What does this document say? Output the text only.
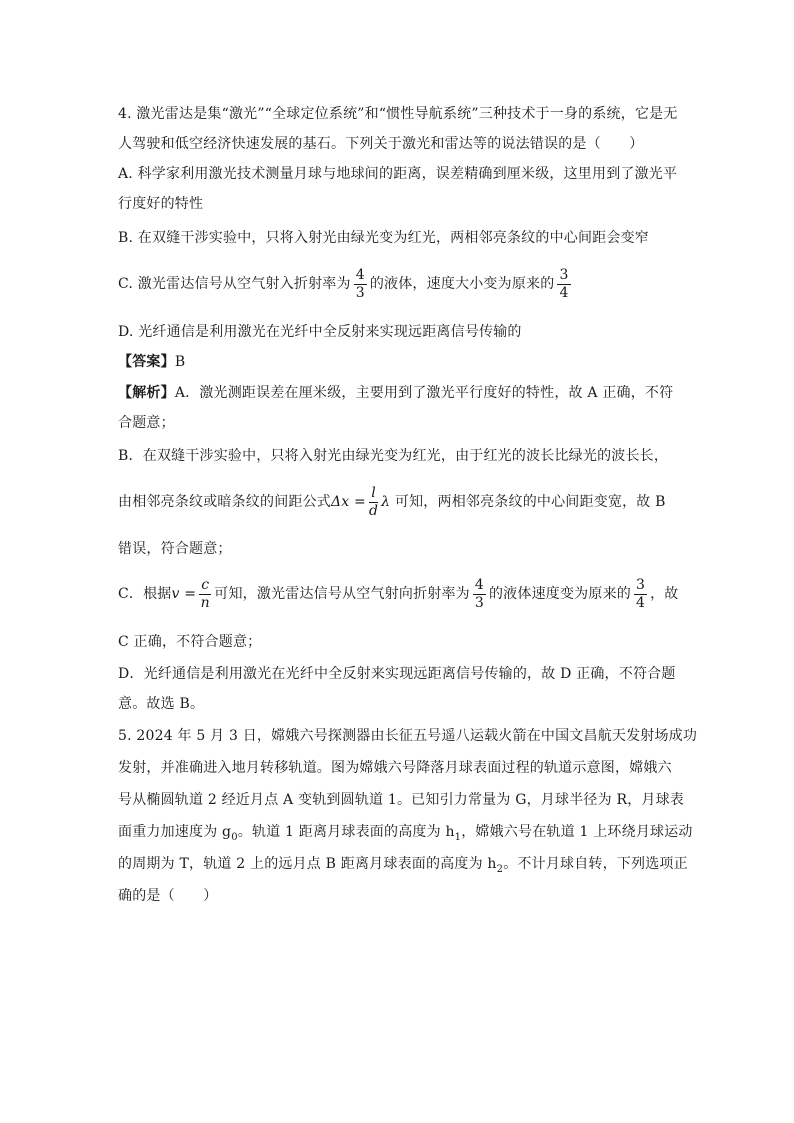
4. 激光雷达是集“激光”“全球定位系统”和“惯性导航系统”三种技术于一身的系统，它是无
人驾驶和低空经济快速发展的基石。下列关于激光和雷达等的说法错误的是（　　）
A. 科学家利用激光技术测量月球与地球间的距离，误差精确到厘米级，这里用到了激光平
行度好的特性
B. 在双缝干涉实验中，只将入射光由绿光变为红光，两相邻亮条纹的中心间距会变窄
C. 激光雷达信号从空气射入折射率为 $\frac{4}{3}$ 的液体，速度大小变为原来的 $\frac{3}{4}$
D. 光纤通信是利用激光在光纤中全反射来实现远距离信号传输的
【答案】B
【解析】A．激光测距误差在厘米级，主要用到了激光平行度好的特性，故 A 正确，不符
合题意；
B．在双缝干涉实验中，只将入射光由绿光变为红光，由于红光的波长比绿光的波长长，
由相邻亮条纹或暗条纹的间距公式$\Delta x = \frac{l}{d}$ λ 可知，两相邻亮条纹的中心间距变宽，故 B
错误，符合题意；
C．根据$v = \frac{c}{n}$ 可知，激光雷达信号从空气射向折射率为 $\frac{4}{3}$ 的液体速度变为原来的 $\frac{3}{4}$ ，故
C 正确，不符合题意；
D．光纤通信是利用激光在光纤中全反射来实现远距离信号传输的，故 D 正确，不符合题
意。故选 B。
5. 2024 年 5 月 3 日，嫦娥六号探测器由长征五号遥八运载火箭在中国文昌航天发射场成功
发射，并准确进入地月转移轨道。图为嫦娥六号降落月球表面过程的轨道示意图，嫦娥六
号从椭圆轨道 2 经近月点 A 变轨到圆轨道 1。已知引力常量为 G，月球半径为 R，月球表
面重力加速度为 $g_0$。轨道 1 距离月球表面的高度为 $h_1$，嫦娥六号在轨道 1 上环绕月球运动
的周期为 T，轨道 2 上的远月点 B 距离月球表面的高度为 $h_2$。不计月球自转，下列选项正
确的是（　　）
